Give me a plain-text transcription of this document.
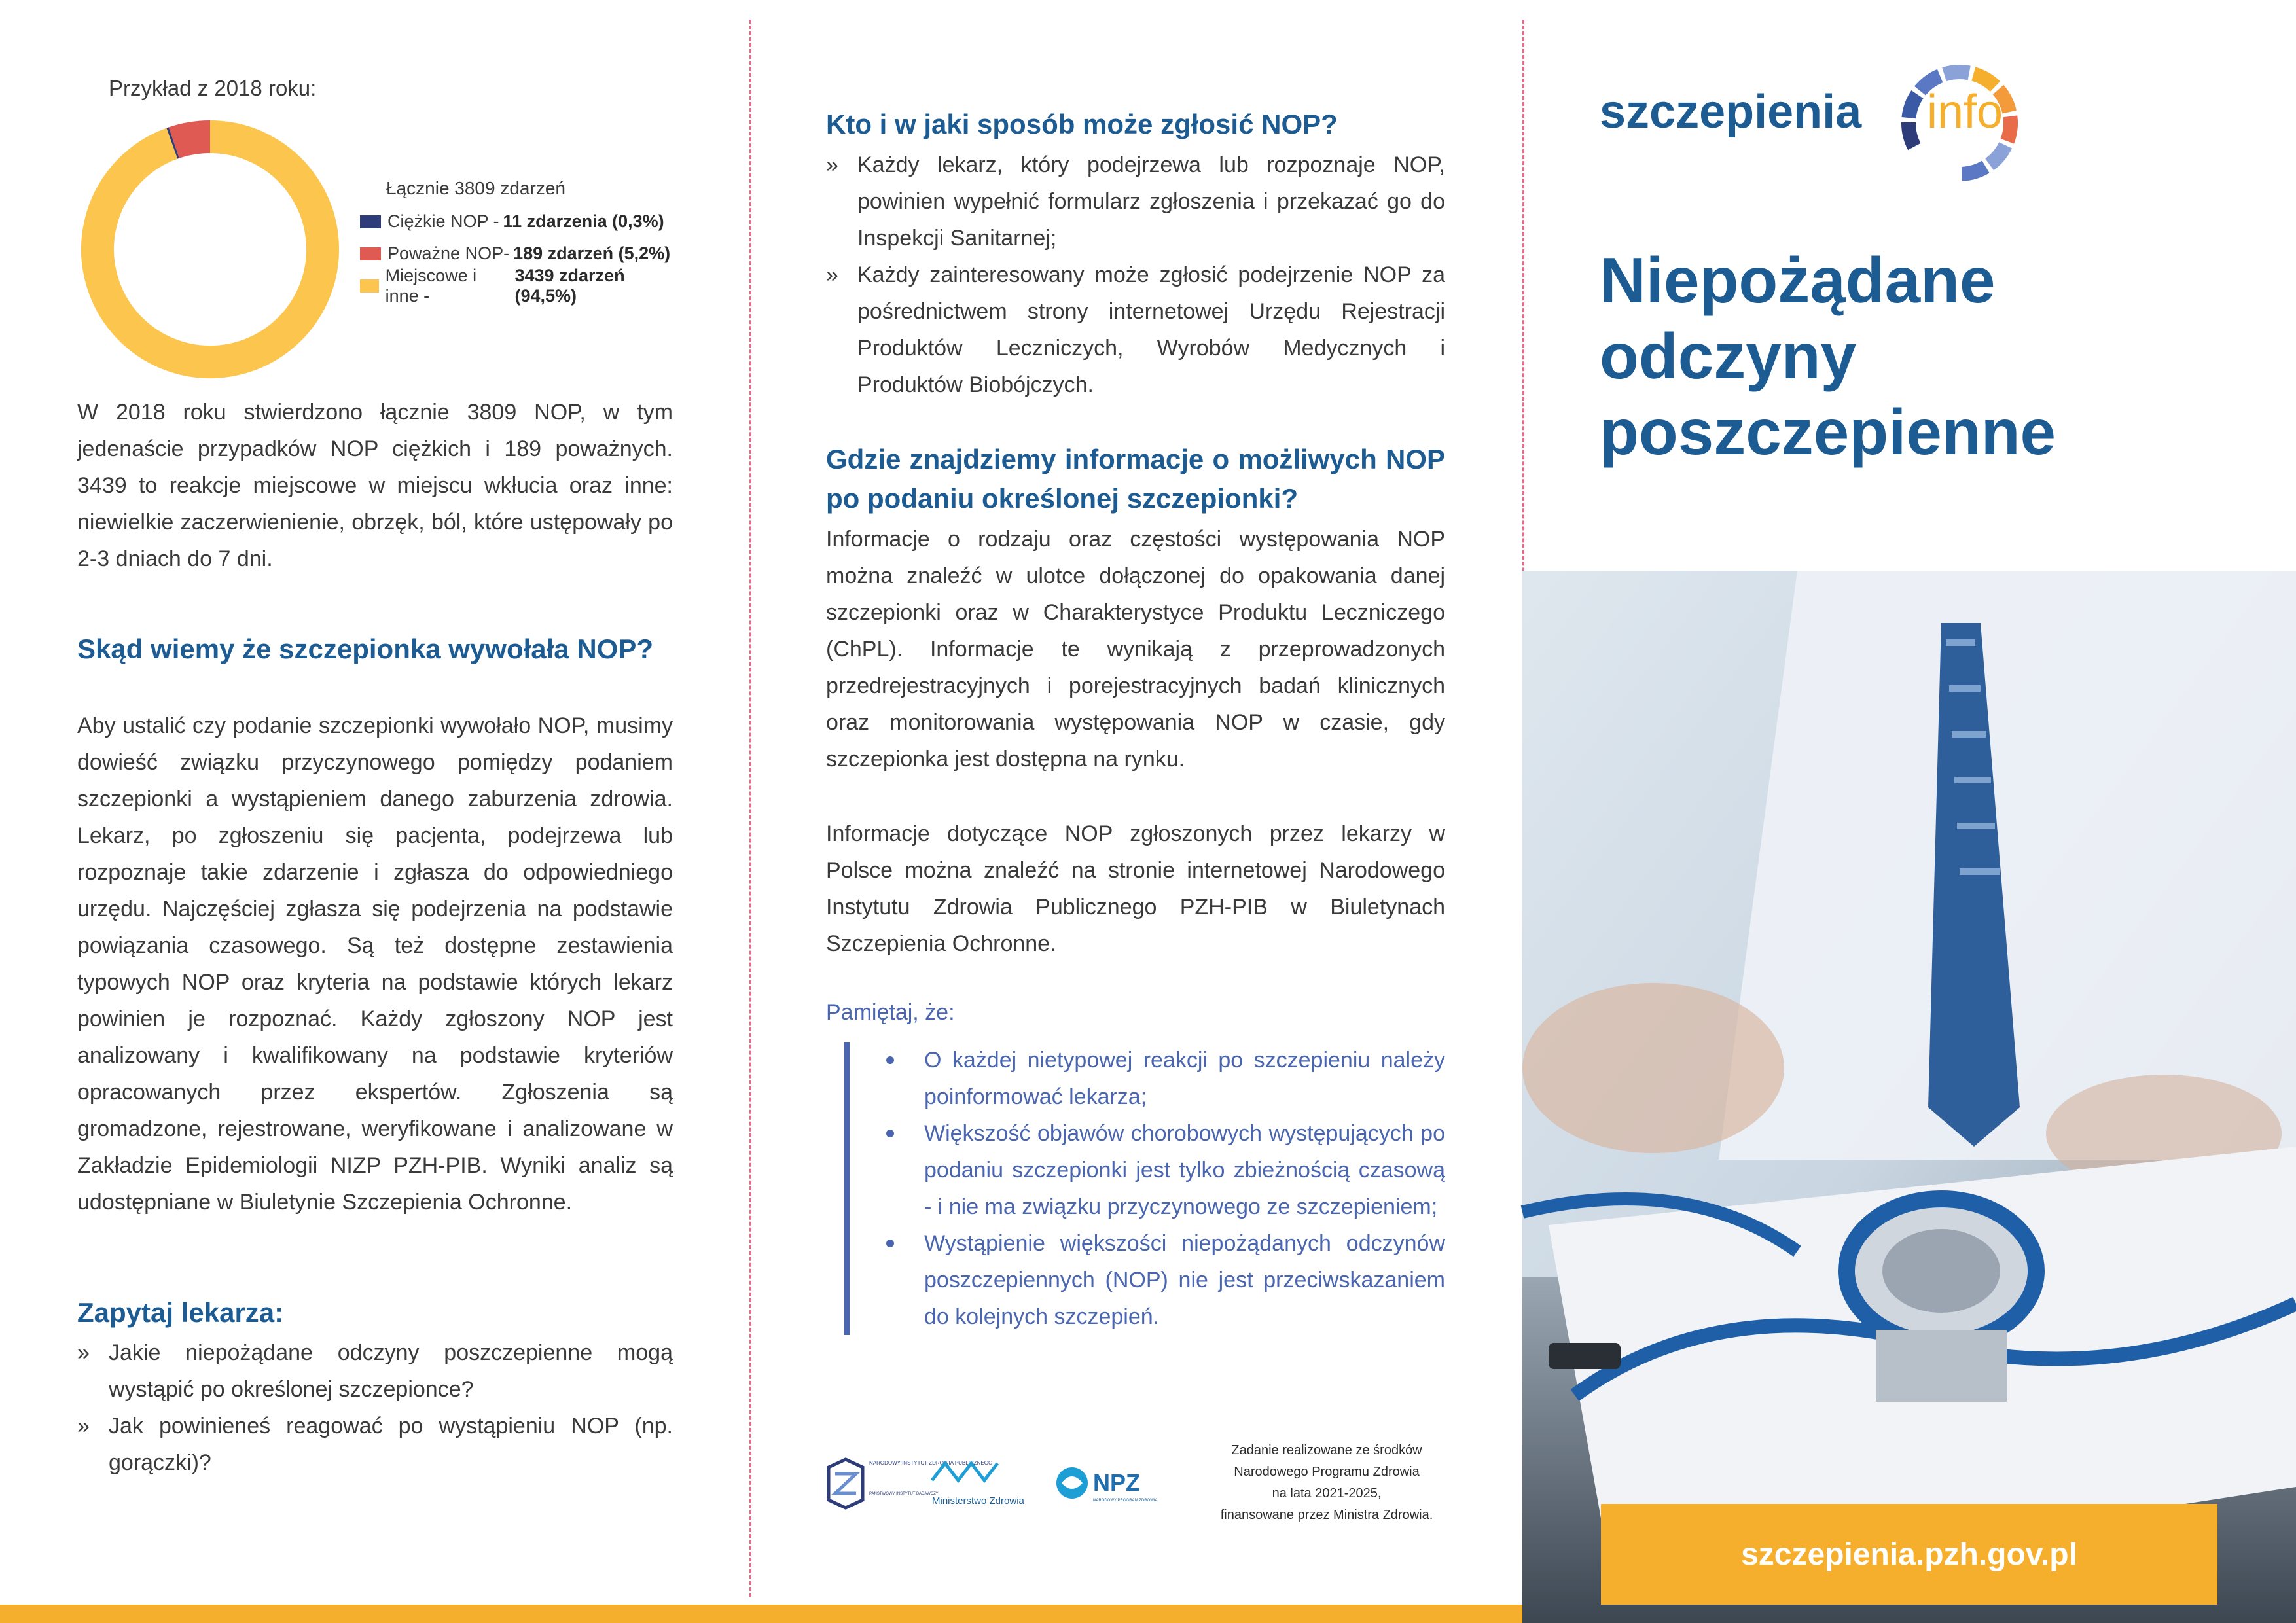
Przykład z 2018 roku:
Łącznie 3809 zdarzeń
Ciężkie NOP - 11 zdarzenia (0,3%)
Poważne NOP- 189 zdarzeń (5,2%)
Miejscowe i inne -
3439 zdarzeń (94,5%)

W 2018 roku stwierdzono łącznie 3809 NOP, w tym jedenaście przypadków NOP ciężkich i 189 poważnych. 3439 to reakcje miejscowe w miejscu wkłucia oraz inne: niewielkie zaczerwienienie, obrzęk, ból, które ustępowały po 2-3 dniach do 7 dni.

Skąd wiemy że szczepionka wywołała NOP?

Aby ustalić czy podanie szczepionki wywołało NOP, musimy dowieść związku przyczynowego pomiędzy podaniem szczepionki a wystąpieniem danego zaburzenia zdrowia. Lekarz, po zgłoszeniu się pacjenta, podejrzewa lub rozpoznaje takie zdarzenie i zgłasza do odpowiedniego urzędu. Najczęściej zgłasza się podejrzenia na podstawie powiązania czasowego. Są też dostępne zestawienia typowych NOP oraz kryteria na podstawie których lekarz powinien je rozpoznać. Każdy zgłoszony NOP jest analizowany i kwalifikowany na podstawie kryteriów opracowanych przez ekspertów. Zgłoszenia są gromadzone, rejestrowane, weryfikowane i analizowane w Zakładzie Epidemiologii NIZP PZH-PIB. Wyniki analiz są udostępniane w Biuletynie Szczepienia Ochronne.

Zapytaj lekarza:
» Jakie niepożądane odczyny poszczepienne mogą wystąpić po określonej szczepionce?
» Jak powinieneś reagować po wystąpieniu NOP (np. gorączki)?
Kto i w jaki sposób może zgłosić NOP?
» Każdy lekarz, który podejrzewa lub rozpoznaje NOP, powinien wypełnić formularz zgłoszenia i przekazać go do Inspekcji Sanitarnej;
» Każdy zainteresowany może zgłosić podejrzenie NOP za pośrednictwem strony internetowej Urzędu Rejestracji Produktów Leczniczych, Wyrobów Medycznych i Produktów Biobójczych.
Gdzie znajdziemy informacje o możliwych NOP po podaniu określonej szczepionki?

Informacje o rodzaju oraz częstości występowania NOP można znaleźć w ulotce dołączonej do opakowania danej szczepionki oraz w Charakterystyce Produktu Leczniczego (ChPL). Informacje te wynikają z przeprowadzonych przedrejestracyjnych i porejestracyjnych badań klinicznych oraz monitorowania występowania NOP w czasie, gdy szczepionka jest dostępna na rynku.

Informacje dotyczące NOP zgłoszonych przez lekarzy w Polsce można znaleźć na stronie internetowej Narodowego Instytutu Zdrowia Publicznego PZH-PIB w Biuletynach Szczepienia Ochronne.

Pamiętaj, że:
O każdej nietypowej reakcji po szczepieniu należy poinformować lekarza;
Większość objawów chorobowych występujących po podaniu szczepionki jest tylko zbieżnością czasową - i nie ma związku przyczynowego ze szczepieniem;
Wystąpienie większości niepożądanych odczynów poszczepiennych (NOP) nie jest przeciwskazaniem do kolejnych szczepień.
NARODOWY INSTYTUT ZDROWIA PUBLICZNEGO
PAŃSTWOWY INSTYTUT BADAWCZY
Ministerstwo Zdrowia
NPZ
NARODOWY PROGRAM ZDROWIA
Zadanie realizowane ze środków
Narodowego Programu Zdrowia
na lata 2021-2025,
finansowane przez Ministra Zdrowia.
szczepienia info
Niepożądane
odczyny
poszczepienne
szczepienia.pzh.gov.pl
